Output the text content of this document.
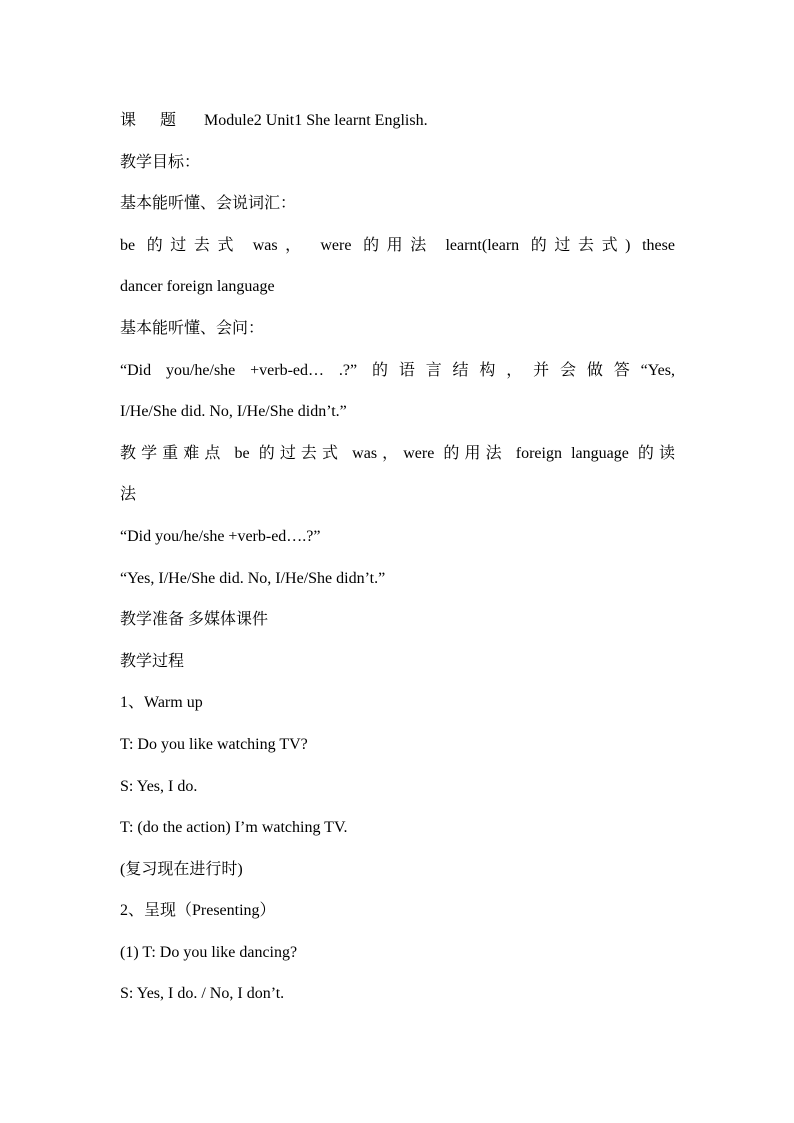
课 题 Module2 Unit1 She learnt English.
教学目标：
基本能听懂、会说词汇：
be 的过去式 was， were 的用法 learnt(learn 的过去式) these
dancer foreign language
基本能听懂、会问：
“Did you/he/she +verb-ed… .?” 的语言结构，并会做答“Yes,
I/He/She did. No, I/He/She didn’t.”
教学重难点 be 的过去式 was，were 的用法 foreign language 的读
法
“Did you/he/she +verb-ed….?”
“Yes, I/He/She did. No, I/He/She didn’t.”
教学准备 多媒体课件
教学过程
1、Warm up
T: Do you like watching TV?
S: Yes, I do.
T: (do the action) I’m watching TV.
(复习现在进行时)
2、呈现（Presenting）
(1) T: Do you like dancing?
S: Yes, I do. / No, I don’t.
